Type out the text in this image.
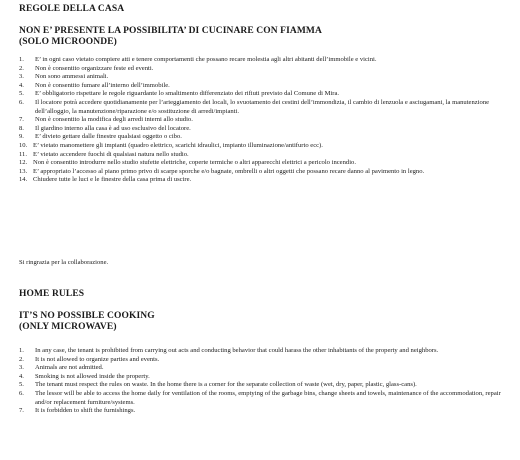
REGOLE DELLA CASA
NON E’ PRESENTE LA POSSIBILITA’ DI CUCINARE CON FIAMMA
(SOLO MICROONDE)
1.	E’ in ogni caso vietato compiere atti e tenere comportamenti che possano recare molestia agli altri abitanti dell’immobile e vicini.
2.	Non è consentito organizzare feste ed eventi.
3.	Non sono ammessi animali.
4.	Non è consentito fumare all’interno dell’immobile.
5.	E’ obbligatorio rispettare le regole riguardante lo smaltimento differenziato dei rifiuti previsto dal Comune di Mira.
6.	Il locatore potrà accedere quotidianamente per l’arieggiamento dei locali, lo svuotamento dei cestini dell’immondizia, il cambio di lenzuola e asciugamani, la manutenzione dell’alloggio, la manutenzione/riparazione e/o sostituzione di arredi/impianti.
7.	Non è consentito la modifica degli arredi interni allo studio.
8.	Il giardino interno alla casa è ad uso esclusivo del locatore.
9.	E’ divieto gettare dalle finestre qualsiasi oggetto o cibo.
10. E’ vietato manomettere gli impianti (quadro elettrico, scarichi idraulici, impianto illuminazione/antifurto ecc).
11. E’ vietato accendere fuochi di qualsiasi natura nello studio.
12. Non è consentito introdurre nello studio stufette elettriche, coperte termiche o altri apparecchi elettrici a pericolo incendio.
13. E’ appropriato l’accesso al piano primo privo di scarpe sporche e/o bagnate, ombrelli o altri oggetti che possano recare danno al pavimento in legno.
14. Chiudere tutte le luci e le finestre della casa prima di uscire.
Si ringrazia per la collaborazione.
HOME RULES
IT’S NO POSSIBLE COOKING
(ONLY MICROWAVE)
1.	In any case, the tenant is prohibited from carrying out acts and conducting behavior that could harass the other inhabitants of the property and neighbors.
2.	It is not allowed to organize parties and events.
3.	Animals are not admitted.
4.	Smoking is not allowed inside the property.
5.	The tenant must respect the rules on waste. In the home there is a corner for the separate collection of waste (wet, dry, paper, plastic, glass-cans).
6.	The lessor will be able to access the home daily for ventilation of the rooms, emptying of the garbage bins, change sheets and towels, maintenance of the accommodation, repair and/or replacement furniture/systems.
7.	It is forbidden to shift the furnishings.
